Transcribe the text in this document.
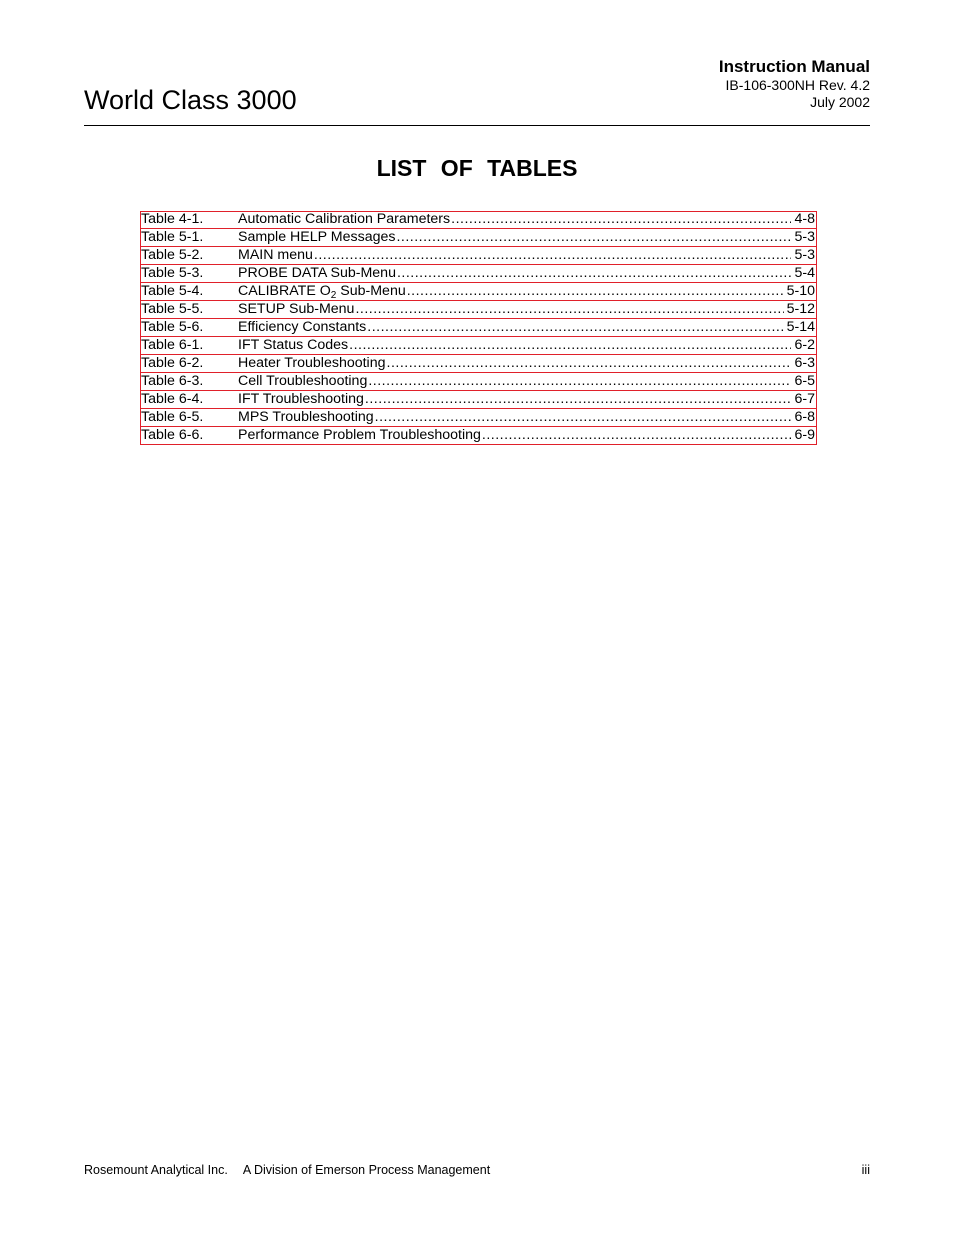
World Class 3000
Instruction Manual
IB-106-300NH Rev. 4.2
July 2002
LIST OF TABLES
Table 4-1.	Automatic Calibration Parameters .....	4-8
Table 5-1.	Sample HELP Messages .....	5-3
Table 5-2.	MAIN menu .....	5-3
Table 5-3.	PROBE DATA Sub-Menu .....	5-4
Table 5-4.	CALIBRATE $O_2$ Sub-Menu .....	5-10
Table 5-5.	SETUP Sub-Menu .....	5-12
Table 5-6.	Efficiency Constants .....	5-14
Table 6-1.	IFT Status Codes .....	6-2
Table 6-2.	Heater Troubleshooting .....	6-3
Table 6-3.	Cell Troubleshooting .....	6-5
Table 6-4.	IFT Troubleshooting .....	6-7
Table 6-5.	MPS Troubleshooting .....	6-8
Table 6-6.	Performance Problem Troubleshooting .....	6-9
Rosemount Analytical Inc. A Division of Emerson Process Management	iii
